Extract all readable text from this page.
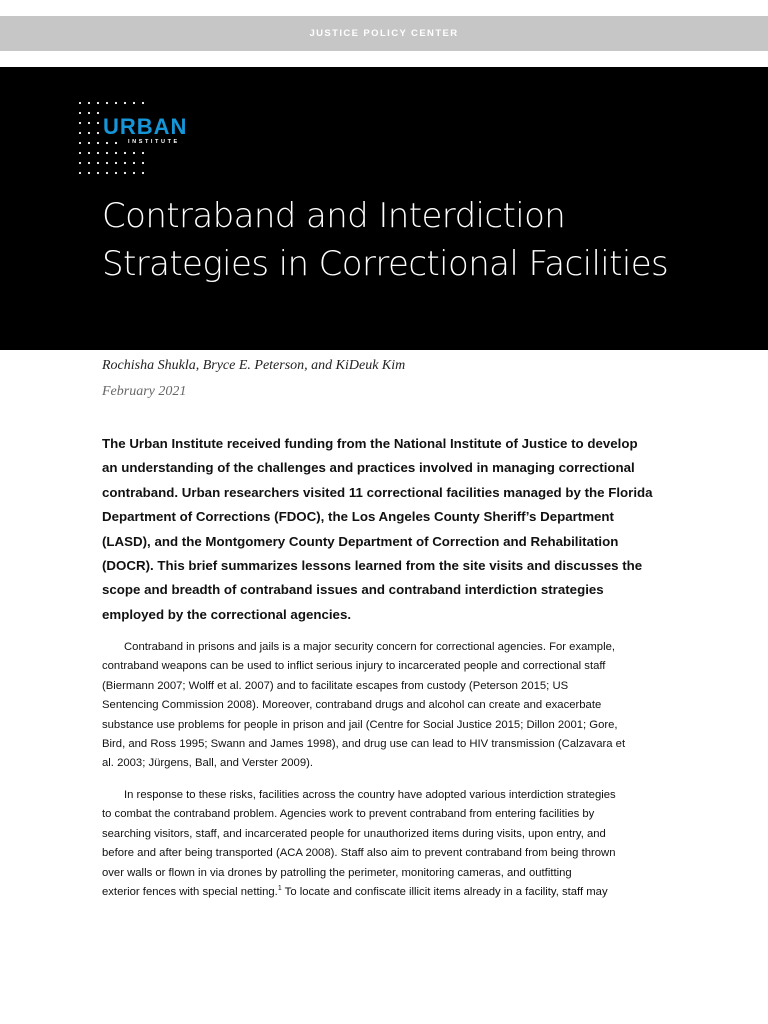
JUSTICE POLICY CENTER
URBAN
INSTITUTE
Contraband and Interdiction
Strategies in Correctional Facilities
Rochisha Shukla, Bryce E. Peterson, and KiDeuk Kim
February 2021
The Urban Institute received funding from the National Institute of Justice to develop
an understanding of the challenges and practices involved in managing correctional
contraband. Urban researchers visited 11 correctional facilities managed by the Florida
Department of Corrections (FDOC), the Los Angeles County Sheriff’s Department
(LASD), and the Montgomery County Department of Correction and Rehabilitation
(DOCR). This brief summarizes lessons learned from the site visits and discusses the
scope and breadth of contraband issues and contraband interdiction strategies
employed by the correctional agencies.
Contraband in prisons and jails is a major security concern for correctional agencies. For example,
contraband weapons can be used to inflict serious injury to incarcerated people and correctional staff
(Biermann 2007; Wolff et al. 2007) and to facilitate escapes from custody (Peterson 2015; US
Sentencing Commission 2008). Moreover, contraband drugs and alcohol can create and exacerbate
substance use problems for people in prison and jail (Centre for Social Justice 2015; Dillon 2001; Gore,
Bird, and Ross 1995; Swann and James 1998), and drug use can lead to HIV transmission (Calzavara et
al. 2003; Jürgens, Ball, and Verster 2009).
In response to these risks, facilities across the country have adopted various interdiction strategies
to combat the contraband problem. Agencies work to prevent contraband from entering facilities by
searching visitors, staff, and incarcerated people for unauthorized items during visits, upon entry, and
before and after being transported (ACA 2008). Staff also aim to prevent contraband from being thrown
over walls or flown in via drones by patrolling the perimeter, monitoring cameras, and outfitting
exterior fences with special netting.$^1$ To locate and confiscate illicit items already in a facility, staff may
